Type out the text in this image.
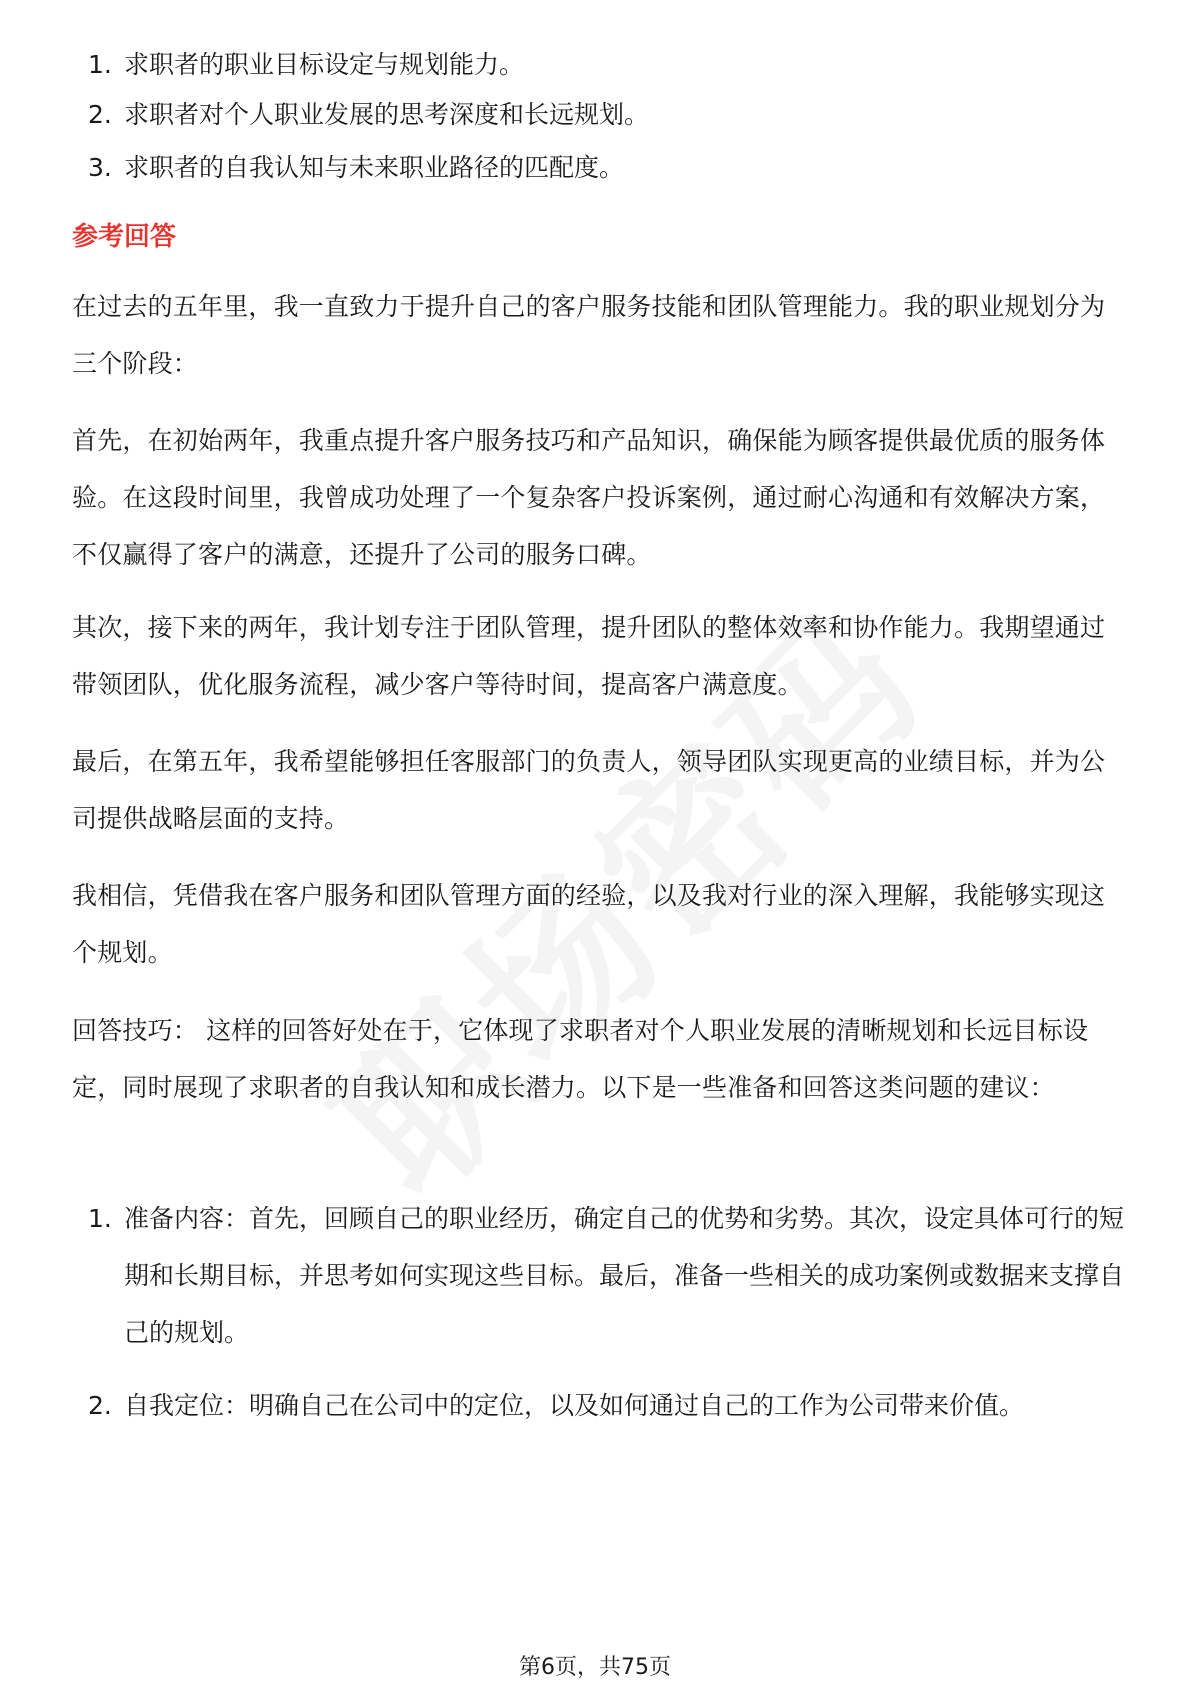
1. 求职者的职业目标设定与规划能力。
2. 求职者对个人职业发展的思考深度和长远规划。
3. 求职者的自我认知与未来职业路径的匹配度。
参考回答

在过去的五年里，我一直致力于提升自己的客户服务技能和团队管理能力。我的职业规划分为三个阶段：

首先，在初始两年，我重点提升客户服务技巧和产品知识，确保能为顾客提供最优质的服务体验。在这段时间里，我曾成功处理了一个复杂客户投诉案例，通过耐心沟通和有效解决方案，不仅赢得了客户的满意，还提升了公司的服务口碑。

其次，接下来的两年，我计划专注于团队管理，提升团队的整体效率和协作能力。我期望通过带领团队，优化服务流程，减少客户等待时间，提高客户满意度。

最后，在第五年，我希望能够担任客服部门的负责人，领导团队实现更高的业绩目标，并为公司提供战略层面的支持。

我相信，凭借我在客户服务和团队管理方面的经验，以及我对行业的深入理解，我能够实现这个规划。

回答技巧： 这样的回答好处在于，它体现了求职者对个人职业发展的清晰规划和长远目标设定，同时展现了求职者的自我认知和成长潜力。以下是一些准备和回答这类问题的建议：

1. 准备内容：首先，回顾自己的职业经历，确定自己的优势和劣势。其次，设定具体可行的短期和长期目标，并思考如何实现这些目标。最后，准备一些相关的成功案例或数据来支撑自己的规划。
2. 自我定位：明确自己在公司中的定位，以及如何通过自己的工作为公司带来价值。
第6页，共75页
